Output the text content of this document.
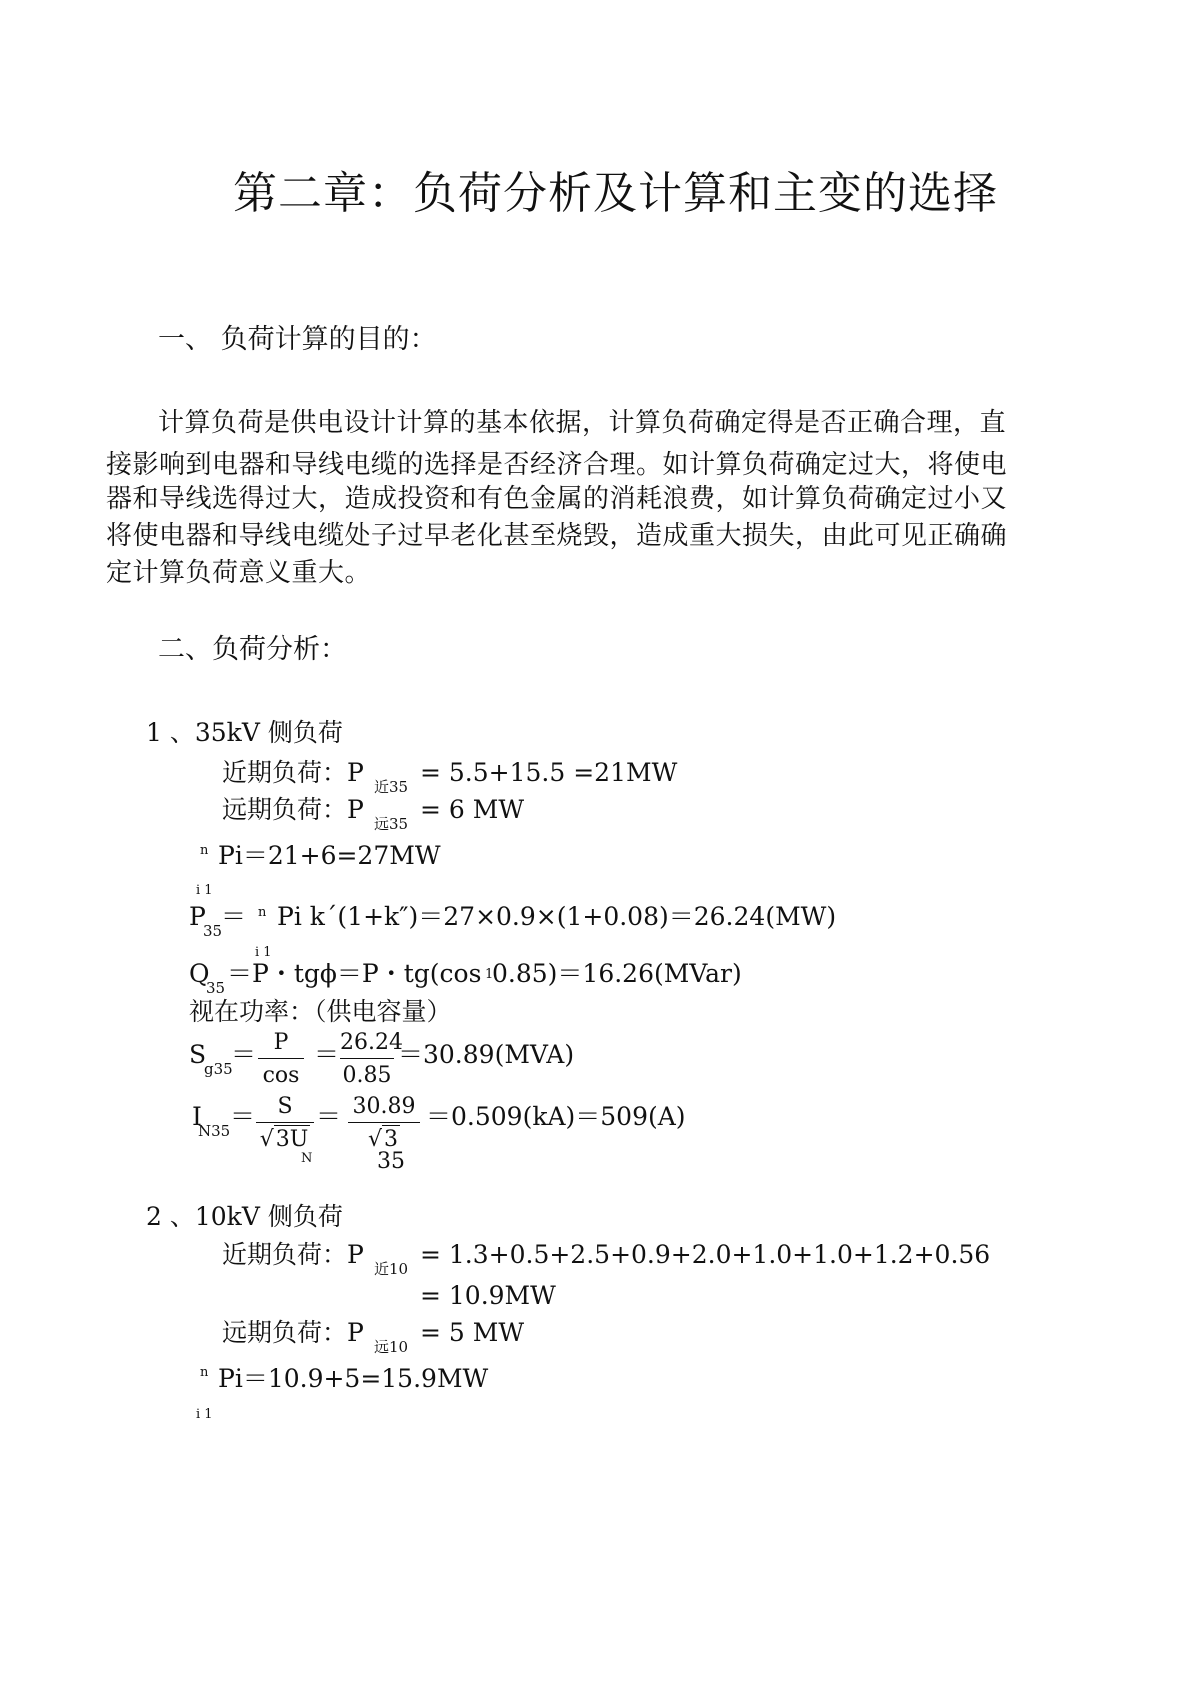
第二章：负荷分析及计算和主变的选择
一、 负荷计算的目的：
计算负荷是供电设计计算的基本依据，计算负荷确定得是否正确合理，直
接影响到电器和导线电缆的选择是否经济合理。如计算负荷确定过大，将使电
器和导线选得过大，造成投资和有色金属的消耗浪费，如计算负荷确定过小又
将使电器和导线电缆处子过早老化甚至烧毁，造成重大损失，由此可见正确确
定计算负荷意义重大。
二、负荷分析：
1 、35kV 侧负荷
近期负荷：P 近35 = 5.5+15.5 =21MW
远期负荷：P 远35 = 6 MW
n Pi＝21+6=27MW
i 1
P
35
＝ n Pi k´(1+k″)＝27×0.9×(1+0.08)＝26.24(MW)
i 1
Q
35 ＝P・tgϕ＝P・tg(cos 1
0.85)＝16.26(MVar)
视在功率：（供电容量）
S
g35
＝ P
cos
＝ 26.24
0.85
＝30.89(MVA)
I
N35 ＝	S
√3U
N
＝ 30.89
√3  35
＝0.509(kA)＝509(A)
2 、10kV 侧负荷
近期负荷：P 近10 = 1.3+0.5+2.5+0.9+2.0+1.0+1.0+1.2+0.56
= 10.9MW
远期负荷：P 远10 = 5 MW
n Pi＝10.9+5=15.9MW
i 1
